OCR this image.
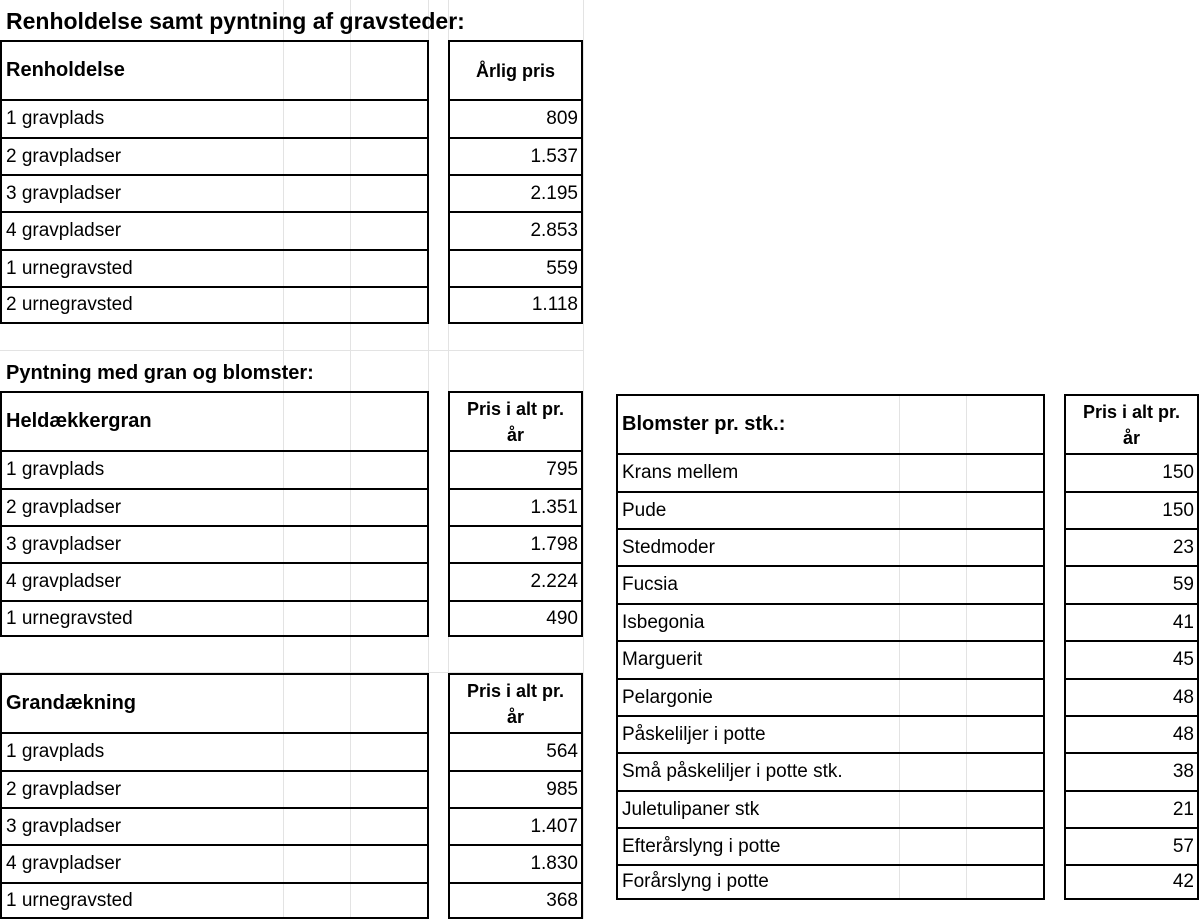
Renholdelse samt pyntning af gravsteder:
Pyntning med gran og blomster:
Renholdelse
1 gravplads
2 gravpladser
3 gravpladser
4 gravpladser
1 urnegravsted
2 urnegravsted
Årlig pris
809
1.537
2.195
2.853
559
1.118
Heldækkergran
1 gravplads
2 gravpladser
3 gravpladser
4 gravpladser
1 urnegravsted
Pris i alt pr. år
795
1.351
1.798
2.224
490
Grandækning
1 gravplads
2 gravpladser
3 gravpladser
4 gravpladser
1 urnegravsted
Pris i alt pr. år
564
985
1.407
1.830
368
Blomster pr. stk.:
Krans mellem
Pude
Stedmoder
Fucsia
Isbegonia
Marguerit
Pelargonie
Påskeliljer i potte
Små påskeliljer i potte stk.
Juletulipaner stk
Efterårslyng i potte
Forårslyng i potte
Pris i alt pr. år
150
150
23
59
41
45
48
48
38
21
57
42
